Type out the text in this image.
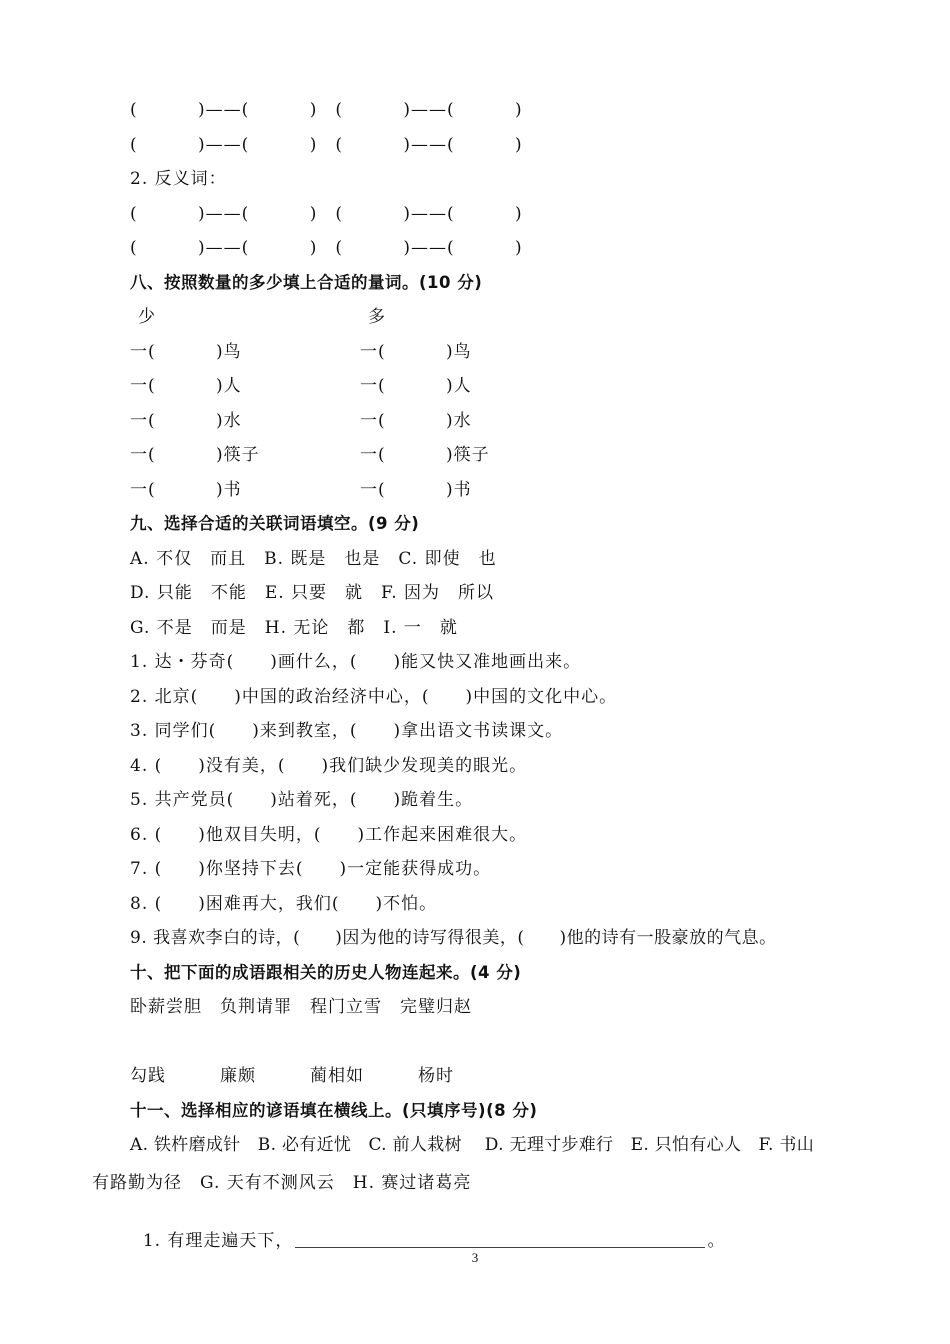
(　　　 )——(　　　 )　(　　　 )——(　　　 )
(　　　 )——(　　　 )　(　　　 )——(　　　 )
2. 反义词：
(　　　 )——(　　　 )　(　　　 )——(　　　 )
(　　　 )——(　　　 )　(　　　 )——(　　　 )
八、按照数量的多少填上合适的量词。(10 分)
少	多
一(　　　 )鸟	一(　　　 )鸟
一(　　　 )人	一(　　　 )人
一(　　　 )水	一(　　　 )水
一(　　　 )筷子	一(　　　 )筷子
一(　　　 )书	一(　　　 )书
九、选择合适的关联词语填空。(9 分)
A. 不仅　而且　B. 既是　也是　C. 即使　也
D. 只能　不能　E. 只要　就　F. 因为　所以
G. 不是　而是　H. 无论　都　I. 一　就
1. 达・芬奇(　　)画什么，(　　)能又快又准地画出来。
2. 北京(　　)中国的政治经济中心，(　　)中国的文化中心。
3. 同学们(　　)来到教室，(　　)拿出语文书读课文。
4. (　　)没有美，(　　)我们缺少发现美的眼光。
5. 共产党员(　　)站着死，(　　)跪着生。
6. (　　)他双目失明，(　　)工作起来困难很大。
7. (　　)你坚持下去(　　)一定能获得成功。
8. (　　)困难再大，我们(　　)不怕。
9. 我喜欢李白的诗，(　　)因为他的诗写得很美，(　　)他的诗有一股豪放的气息。
十、把下面的成语跟相关的历史人物连起来。(4 分)
卧薪尝胆　负荆请罪　程门立雪　完璧归赵
勾践　　　廉颇　　　蔺相如　　　杨时
十一、选择相应的谚语填在横线上。(只填序号)(8 分)
A. 铁杵磨成针　B. 必有近忧　C. 前人栽树　 D. 无理寸步难行　E. 只怕有心人　F. 书山
有路勤为径　G. 天有不测风云　H. 赛过诸葛亮

1. 有理走遍天下，	。

3
